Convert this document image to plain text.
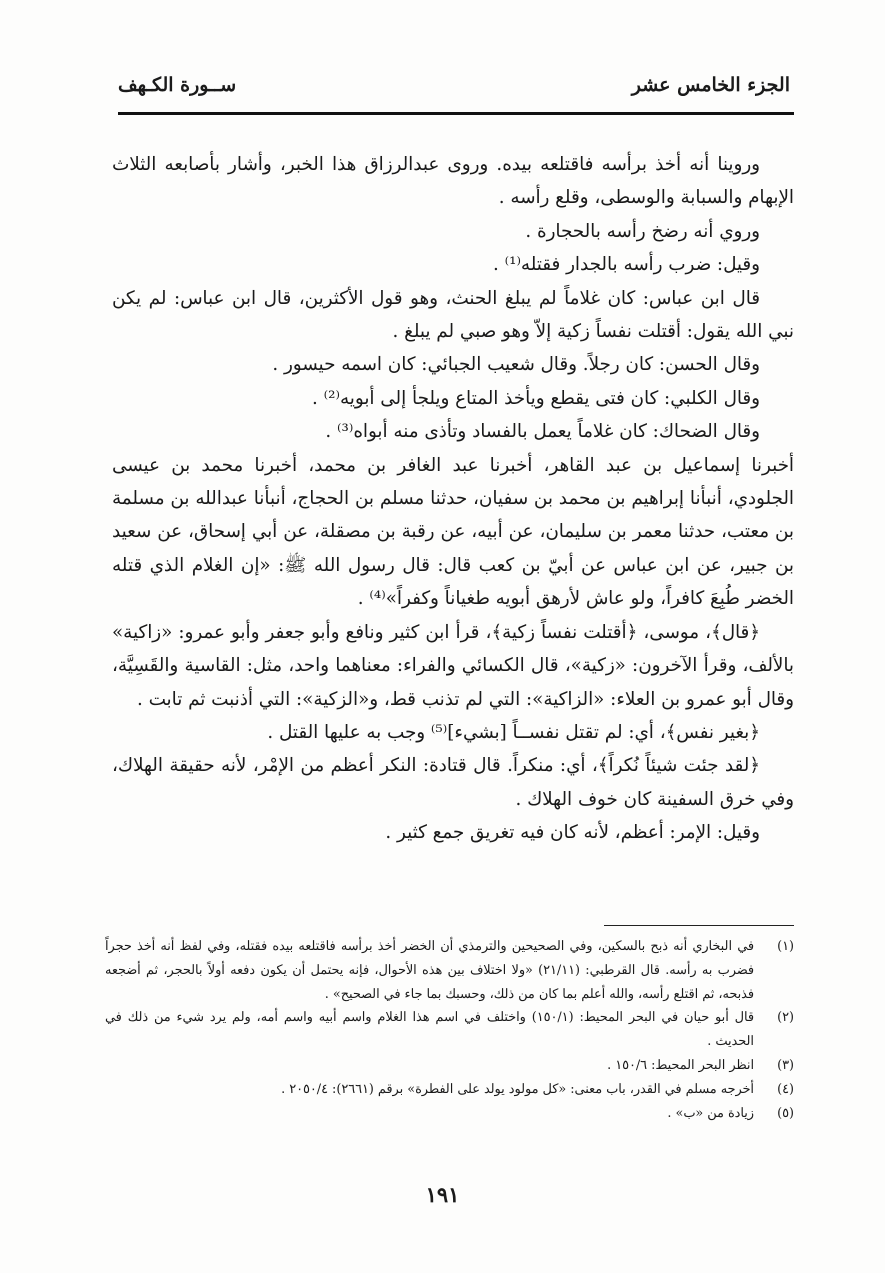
الجزء الخامس عشر
ســورة الكـهف

وروينا أنه أخذ برأسه فاقتلعه بيده. وروى عبدالرزاق هذا الخبر، وأشار بأصابعه الثلاث الإبهام والسبابة والوسطى، وقلع رأسه .

وروي أنه رضخ رأسه بالحجارة .

وقيل: ضرب رأسه بالجدار فقتله⁽¹⁾ .

قال ابن عباس: كان غلاماً لم يبلغ الحنث، وهو قول الأكثرين، قال ابن عباس: لم يكن نبي الله يقول: أقتلت نفساً زكية إلاّ وهو صبي لم يبلغ .

وقال الحسن: كان رجلاً. وقال شعيب الجبائي: كان اسمه حيسور .

وقال الكلبي: كان فتى يقطع ويأخذ المتاع ويلجأ إلى أبويه⁽²⁾ .

وقال الضحاك: كان غلاماً يعمل بالفساد وتأذى منه أبواه⁽³⁾ .

أخبرنا إسماعيل بن عبد القاهر، أخبرنا عبد الغافر بن محمد، أخبرنا محمد بن عيسى الجلودي، أنبأنا إبراهيم بن محمد بن سفيان، حدثنا مسلم بن الحجاج، أنبأنا عبدالله بن مسلمة بن معتب، حدثنا معمر بن سليمان، عن أبيه، عن رقبة بن مصقلة، عن أبي إسحاق، عن سعيد بن جبير، عن ابن عباس عن أبيّ بن كعب قال: قال رسول الله ﷺ: «إن الغلام الذي قتله الخضر طُبِعَ كافراً، ولو عاش لأرهق أبويه طغياناً وكفراً»⁽⁴⁾ .

﴿قال﴾، موسى، ﴿أقتلت نفساً زكية﴾، قرأ ابن كثير ونافع وأبو جعفر وأبو عمرو: «زاكية» بالألف، وقرأ الآخرون: «زكية»، قال الكسائي والفراء: معناهما واحد، مثل: القاسية والقَسِيَّة، وقال أبو عمرو بن العلاء: «الزاكية»: التي لم تذنب قط، و«الزكية»: التي أذنبت ثم تابت .

﴿بغير نفس﴾، أي: لم تقتل نفســاً [بشيء]⁽⁵⁾ وجب به عليها القتل .

﴿لقد جئت شيئاً نُكراً﴾، أي: منكراً. قال قتادة: النكر أعظم من الإمْر، لأنه حقيقة الهلاك، وفي خرق السفينة كان خوف الهلاك .

وقيل: الإمر: أعظم، لأنه كان فيه تغريق جمع كثير .

(١)
في البخاري أنه ذبح بالسكين، وفي الصحيحين والترمذي أن الخضر أخذ برأسه فاقتلعه بيده فقتله، وفي لفظ أنه أخذ حجراً فضرب به رأسه. قال القرطبي: (٢١/١١) «ولا اختلاف بين هذه الأحوال، فإنه يحتمل أن يكون دفعه أولاً بالحجر، ثم أضجعه فذبحه، ثم اقتلع رأسه، والله أعلم بما كان من ذلك، وحسبك بما جاء في الصحيح» .
(٢)
قال أبو حيان في البحر المحيط: (١٥٠/١) واختلف في اسم هذا الغلام واسم أبيه واسم أمه، ولم يرد شيء من ذلك في الحديث .
(٣)
انظر البحر المحيط: ١٥٠/٦ .
(٤)
أخرجه مسلم في القدر، باب معنى: «كل مولود يولد على الفطرة» برقم (٢٦٦١): ٢٠٥٠/٤ .
(٥)
زيادة من «ب» .
١٩١
